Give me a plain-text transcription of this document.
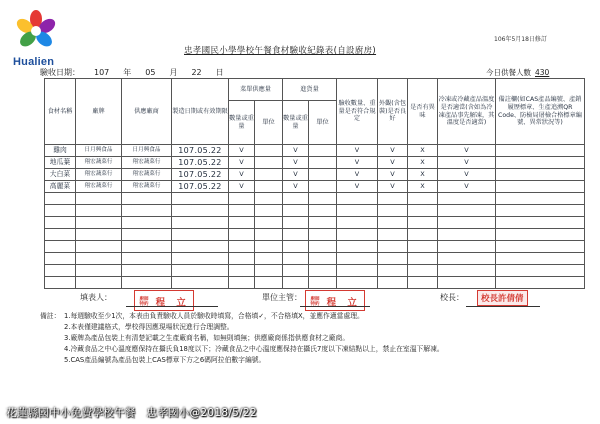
Hualien
106年5月18日修訂
忠孝國民小學學校午餐食材驗收紀錄表(自設廚房)
驗收日期： 107 年 05 月 22 日	今日供餐人數 430
食材名稱	廠牌	供應廠商	製造日期或有效期限	菜單供應量		進貨量		驗收數量、重量是否符合規定	外觀(含包裝)是否良好	是否有異味	冷凍或冷藏產品溫度是否適當(含如為冷凍產品事先解凍，其溫度是否適當)	備註欄(如CAS產品編號、產銷履歷標章、生產追溯QR Code、防檢局屠檢合格標章編號、異常狀況等)
				數量或重量	單位	數量或重量	單位					
雞肉	日月興食品	日月興食品	107.05.22	V		V		V	V	X	V	
地瓜葉	翔宏蔬菜行	翔宏蔬菜行	107.05.22	V		V		V	V	X	V	
大白菜	翔宏蔬菜行	翔宏蔬菜行	107.05.22	V		V		V	V	X	V	
高麗菜	翔宏蔬菜行	翔宏蔬菜行	107.05.22	V		V		V	V	X	V	

填表人：	廚師特約 程 立	單位主管：	廚師特約 程 立	校長：	校長許倩倩
備註： 1.每週驗收至少1次，本表由負責驗收人員於驗收時填寫，合格填✓，不合格填X，並應作適當處理。
2.本表僅建議格式，學校得因應現場狀況進行合理調整。
3.廠牌為產品包裝上有清楚記載之生產廠商名稱，如無則填無；供應廠商係指供應食材之廠商。
4.冷藏食品之中心溫度應保持在攝氏負18度以下；冷藏食品之中心溫度應保持在攝氏7度以下凍結點以上，禁止在室溫下解凍。
5.CAS產品編號為產品包裝上CAS標章下方之6碼阿拉伯數字編號。
花蓮縣國中小免費學校午餐　忠孝國小@2018/5/22
